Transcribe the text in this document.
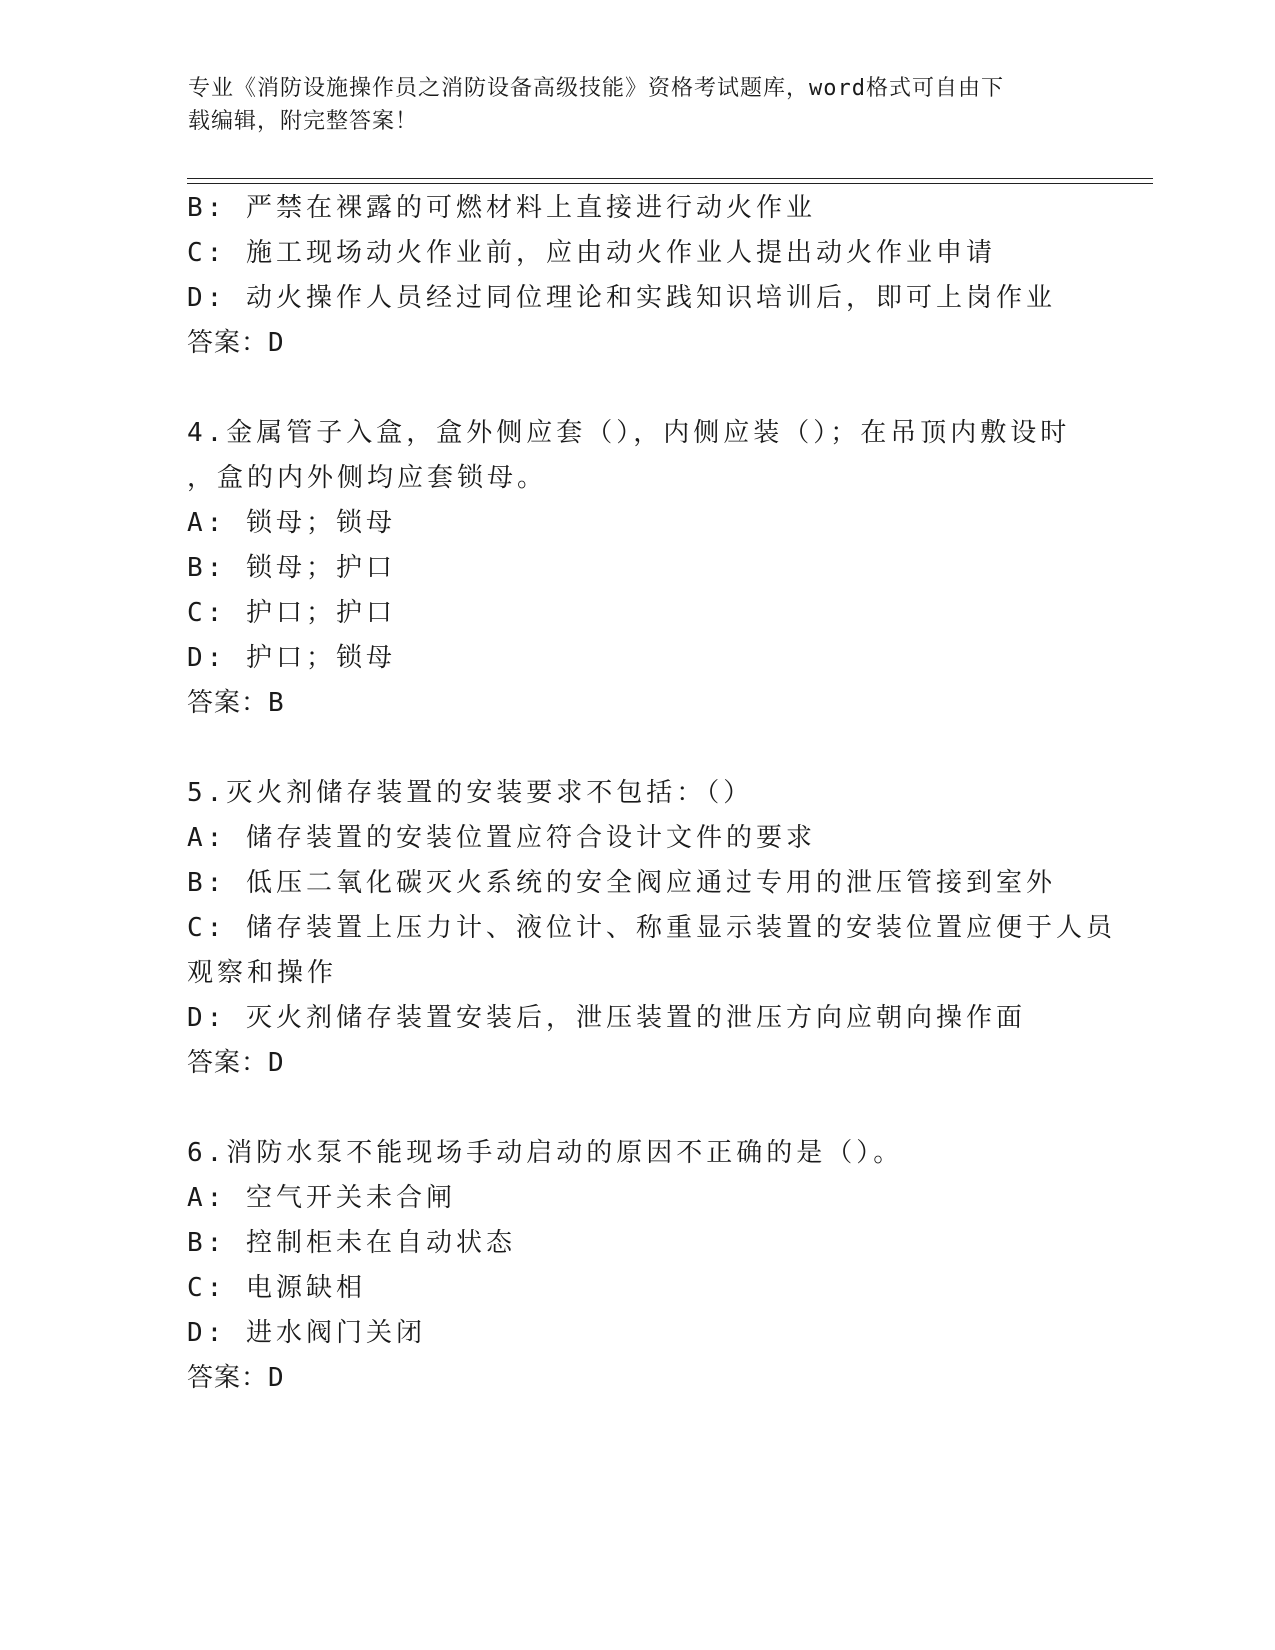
专业《消防设施操作员之消防设备高级技能》资格考试题库，word格式可自由下
载编辑，附完整答案！
B: 严禁在裸露的可燃材料上直接进行动火作业
C: 施工现场动火作业前，应由动火作业人提出动火作业申请
D: 动火操作人员经过同位理论和实践知识培训后，即可上岗作业
答案：D
4.金属管子入盒，盒外侧应套（），内侧应装（）；在吊顶内敷设时
，盒的内外侧均应套锁母。
A: 锁母；锁母
B: 锁母；护口
C: 护口；护口
D: 护口；锁母
答案：B
5.灭火剂储存装置的安装要求不包括：（）
A: 储存装置的安装位置应符合设计文件的要求
B: 低压二氧化碳灭火系统的安全阀应通过专用的泄压管接到室外
C: 储存装置上压力计、液位计、称重显示装置的安装位置应便于人员
观察和操作
D: 灭火剂储存装置安装后，泄压装置的泄压方向应朝向操作面
答案：D
6.消防水泵不能现场手动启动的原因不正确的是（）。
A: 空气开关未合闸
B: 控制柜未在自动状态
C: 电源缺相
D: 进水阀门关闭
答案：D
